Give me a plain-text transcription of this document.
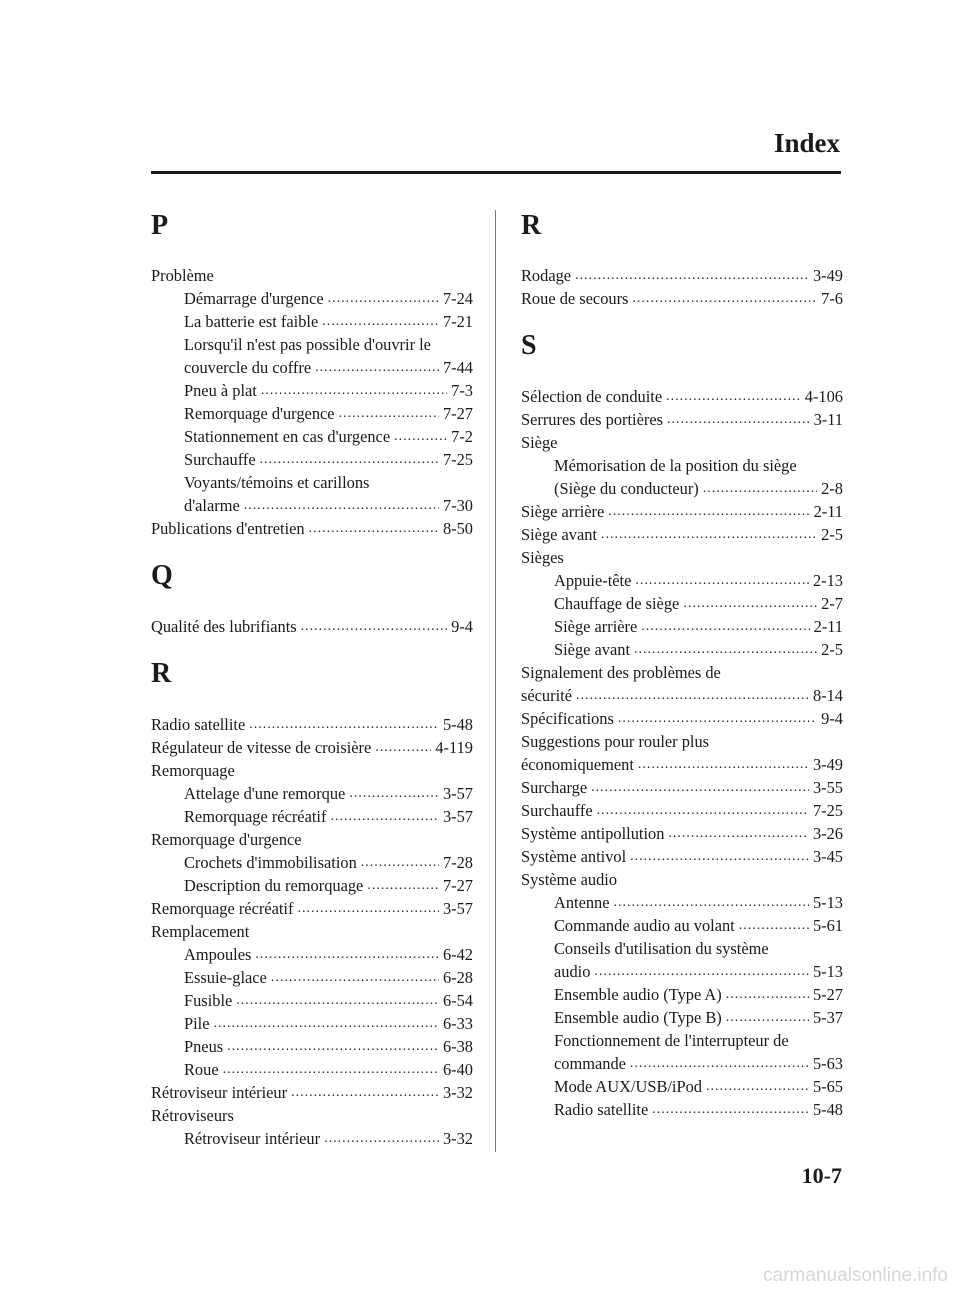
Index
P
Problème
Démarrage d'urgence .....	7-24
La batterie est faible .....	7-21
Lorsqu'il n'est pas possible d'ouvrir le
couvercle du coffre .....	7-44
Pneu à plat .....	7-3
Remorquage d'urgence .....	7-27
Stationnement en cas d'urgence .....	7-2
Surchauffe .....	7-25
Voyants/témoins et carillons
d'alarme .....	7-30
Publications d'entretien .....	8-50
Q
Qualité des lubrifiants .....	9-4
R
Radio satellite .....	5-48
Régulateur de vitesse de croisière .....	4-119
Remorquage
Attelage d'une remorque .....	3-57
Remorquage récréatif .....	3-57
Remorquage d'urgence
Crochets d'immobilisation .....	7-28
Description du remorquage .....	7-27
Remorquage récréatif .....	3-57
Remplacement
Ampoules .....	6-42
Essuie-glace .....	6-28
Fusible .....	6-54
Pile .....	6-33
Pneus .....	6-38
Roue .....	6-40
Rétroviseur intérieur .....	3-32
Rétroviseurs
Rétroviseur intérieur .....	3-32
R
Rodage .....	3-49
Roue de secours .....	7-6
S
Sélection de conduite .....	4-106
Serrures des portières .....	3-11
Siège
Mémorisation de la position du siège
(Siège du conducteur) .....	2-8
Siège arrière .....	2-11
Siège avant .....	2-5
Sièges
Appuie-tête .....	2-13
Chauffage de siège .....	2-7
Siège arrière .....	2-11
Siège avant .....	2-5
Signalement des problèmes de
sécurité .....	8-14
Spécifications .....	9-4
Suggestions pour rouler plus
économiquement .....	3-49
Surcharge .....	3-55
Surchauffe .....	7-25
Système antipollution .....	3-26
Système antivol .....	3-45
Système audio
Antenne .....	5-13
Commande audio au volant .....	5-61
Conseils d'utilisation du système
audio .....	5-13
Ensemble audio (Type A) .....	5-27
Ensemble audio (Type B) .....	5-37
Fonctionnement de l'interrupteur de
commande .....	5-63
Mode AUX/USB/iPod .....	5-65
Radio satellite .....	5-48
10-7
carmanualsonline.info
